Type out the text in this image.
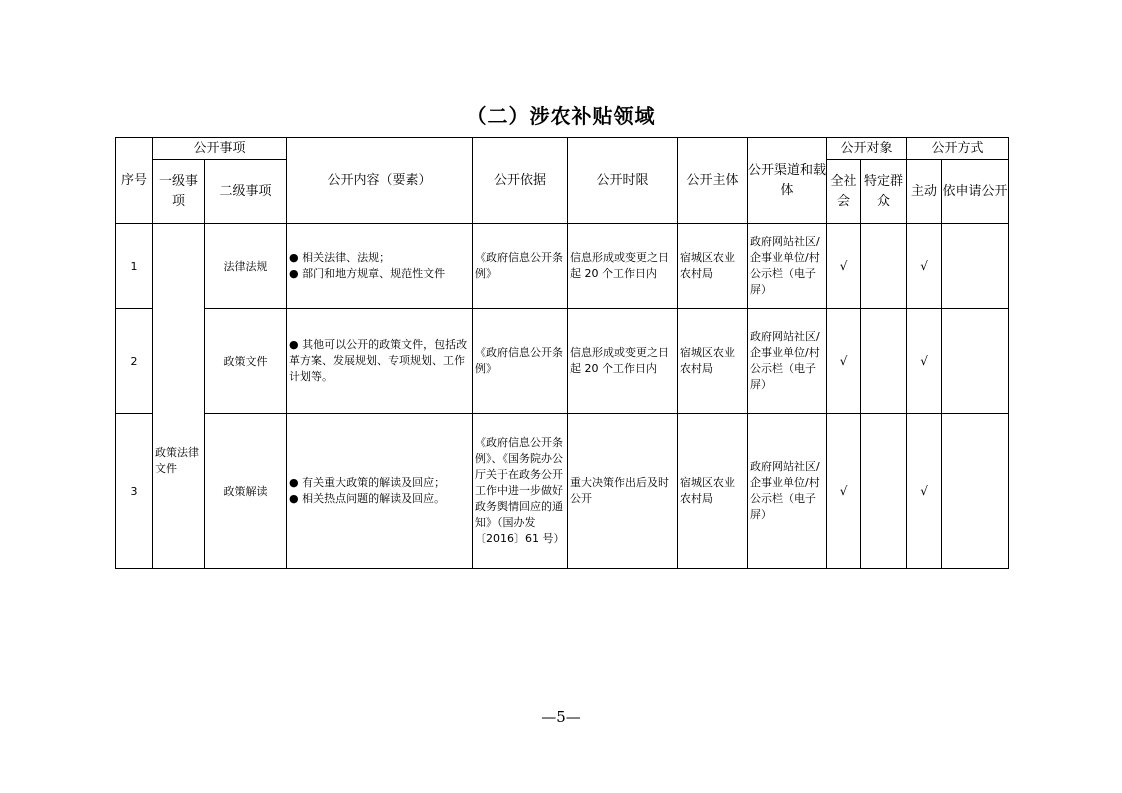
（二）涉农补贴领域
序号	公开事项		公开内容（要素）	公开依据	公开时限	公开主体	公开渠道和载体	公开对象		公开方式	
	一级事项	二级事项						全社会	特定群众	主动	依申请公开
1	政策法律文件	法律法规	● 相关法律、法规；
● 部门和地方规章、规范性文件	《政府信息公开条例》	信息形成或变更之日起 20 个工作日内	宿城区农业农村局	政府网站社区/企事业单位/村公示栏（电子屏）	√		√	
2		政策文件	● 其他可以公开的政策文件，包括改革方案、发展规划、专项规划、工作计划等。	《政府信息公开条例》	信息形成或变更之日起 20 个工作日内	宿城区农业农村局	政府网站社区/企事业单位/村公示栏（电子屏）	√		√	
3		政策解读	● 有关重大政策的解读及回应；
● 相关热点问题的解读及回应。	《政府信息公开条例》、《国务院办公厅关于在政务公开工作中进一步做好政务舆情回应的通知》（国办发〔2016〕61 号）	重大决策作出后及时公开	宿城区农业农村局	政府网站社区/企事业单位/村公示栏（电子屏）	√		√	
—5—
